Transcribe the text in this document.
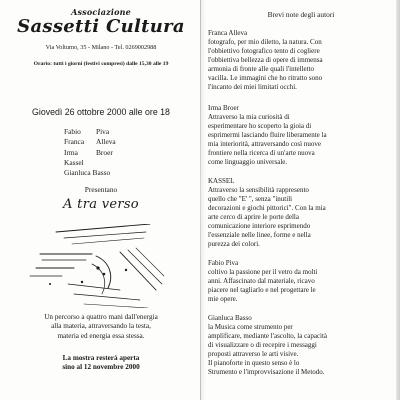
Associazione
Sassetti Cultura
Via Volturno, 35 - Milano - Tel. 0269002988
Orario: tutti i giorni (festivi compresi) dalle 15,30 alle 19
Giovedì 26 ottobre 2000 alle ore 18
Fabio Piva
Franca Alleva
Irma Broer
Kassel
Gianluca Basso
Presentano
A tra verso
Un percorso a quattro mani dall'energia
alla materia, attraversando la testa,
materia ed energia essa stessa.
La mostra resterà aperta
sino al 12 novembre 2000
Brevi note degli autori
Franca Alleva
fotografo, per mio diletto, la natura. Con
l'obbiettivo fotografico tento di cogliere
l'obbiettiva bellezza di opere di immensa
armonia di fronte alle quali l'intelletto
vacilla. Le immagini che ho ritratto sono
l'incanto dei miei limitati occhi.
Irma Broer
Attraverso la mia curiosità di
esperimentare ho scoperto la gioia di
esprimermi lasciando fluire liberamente la
mia interiorità, attraversando così nuove
frontiere nella ricerca di un'arte nuova
come linguaggio universale.
KASSEL
Attraverso la sensibilità rappresento
quello che "E' ", senza "inutili
decorazioni e giochi pittorici". Con la mia
arte cerco di aprire le porte della
comunicazione interiore esprimendo
l'essenziale nelle linee, forme e nella
purezza dei colori.
Fabio Piva
coltivo la passione per il vetro da molti
anni. Affascinato dal materiale, ricavo
piacere nel tagliarlo e nel progettare le
mie opere.
Gianluca Basso
la Musica come strumento per
amplificare, mediante l'ascolto, la capacità
di visualizzare o di recepire i messaggi
proposti attraverso le arti visive.
Il pianoforte in questo senso è lo
Strumento e l'improvvisazione il Metodo.
